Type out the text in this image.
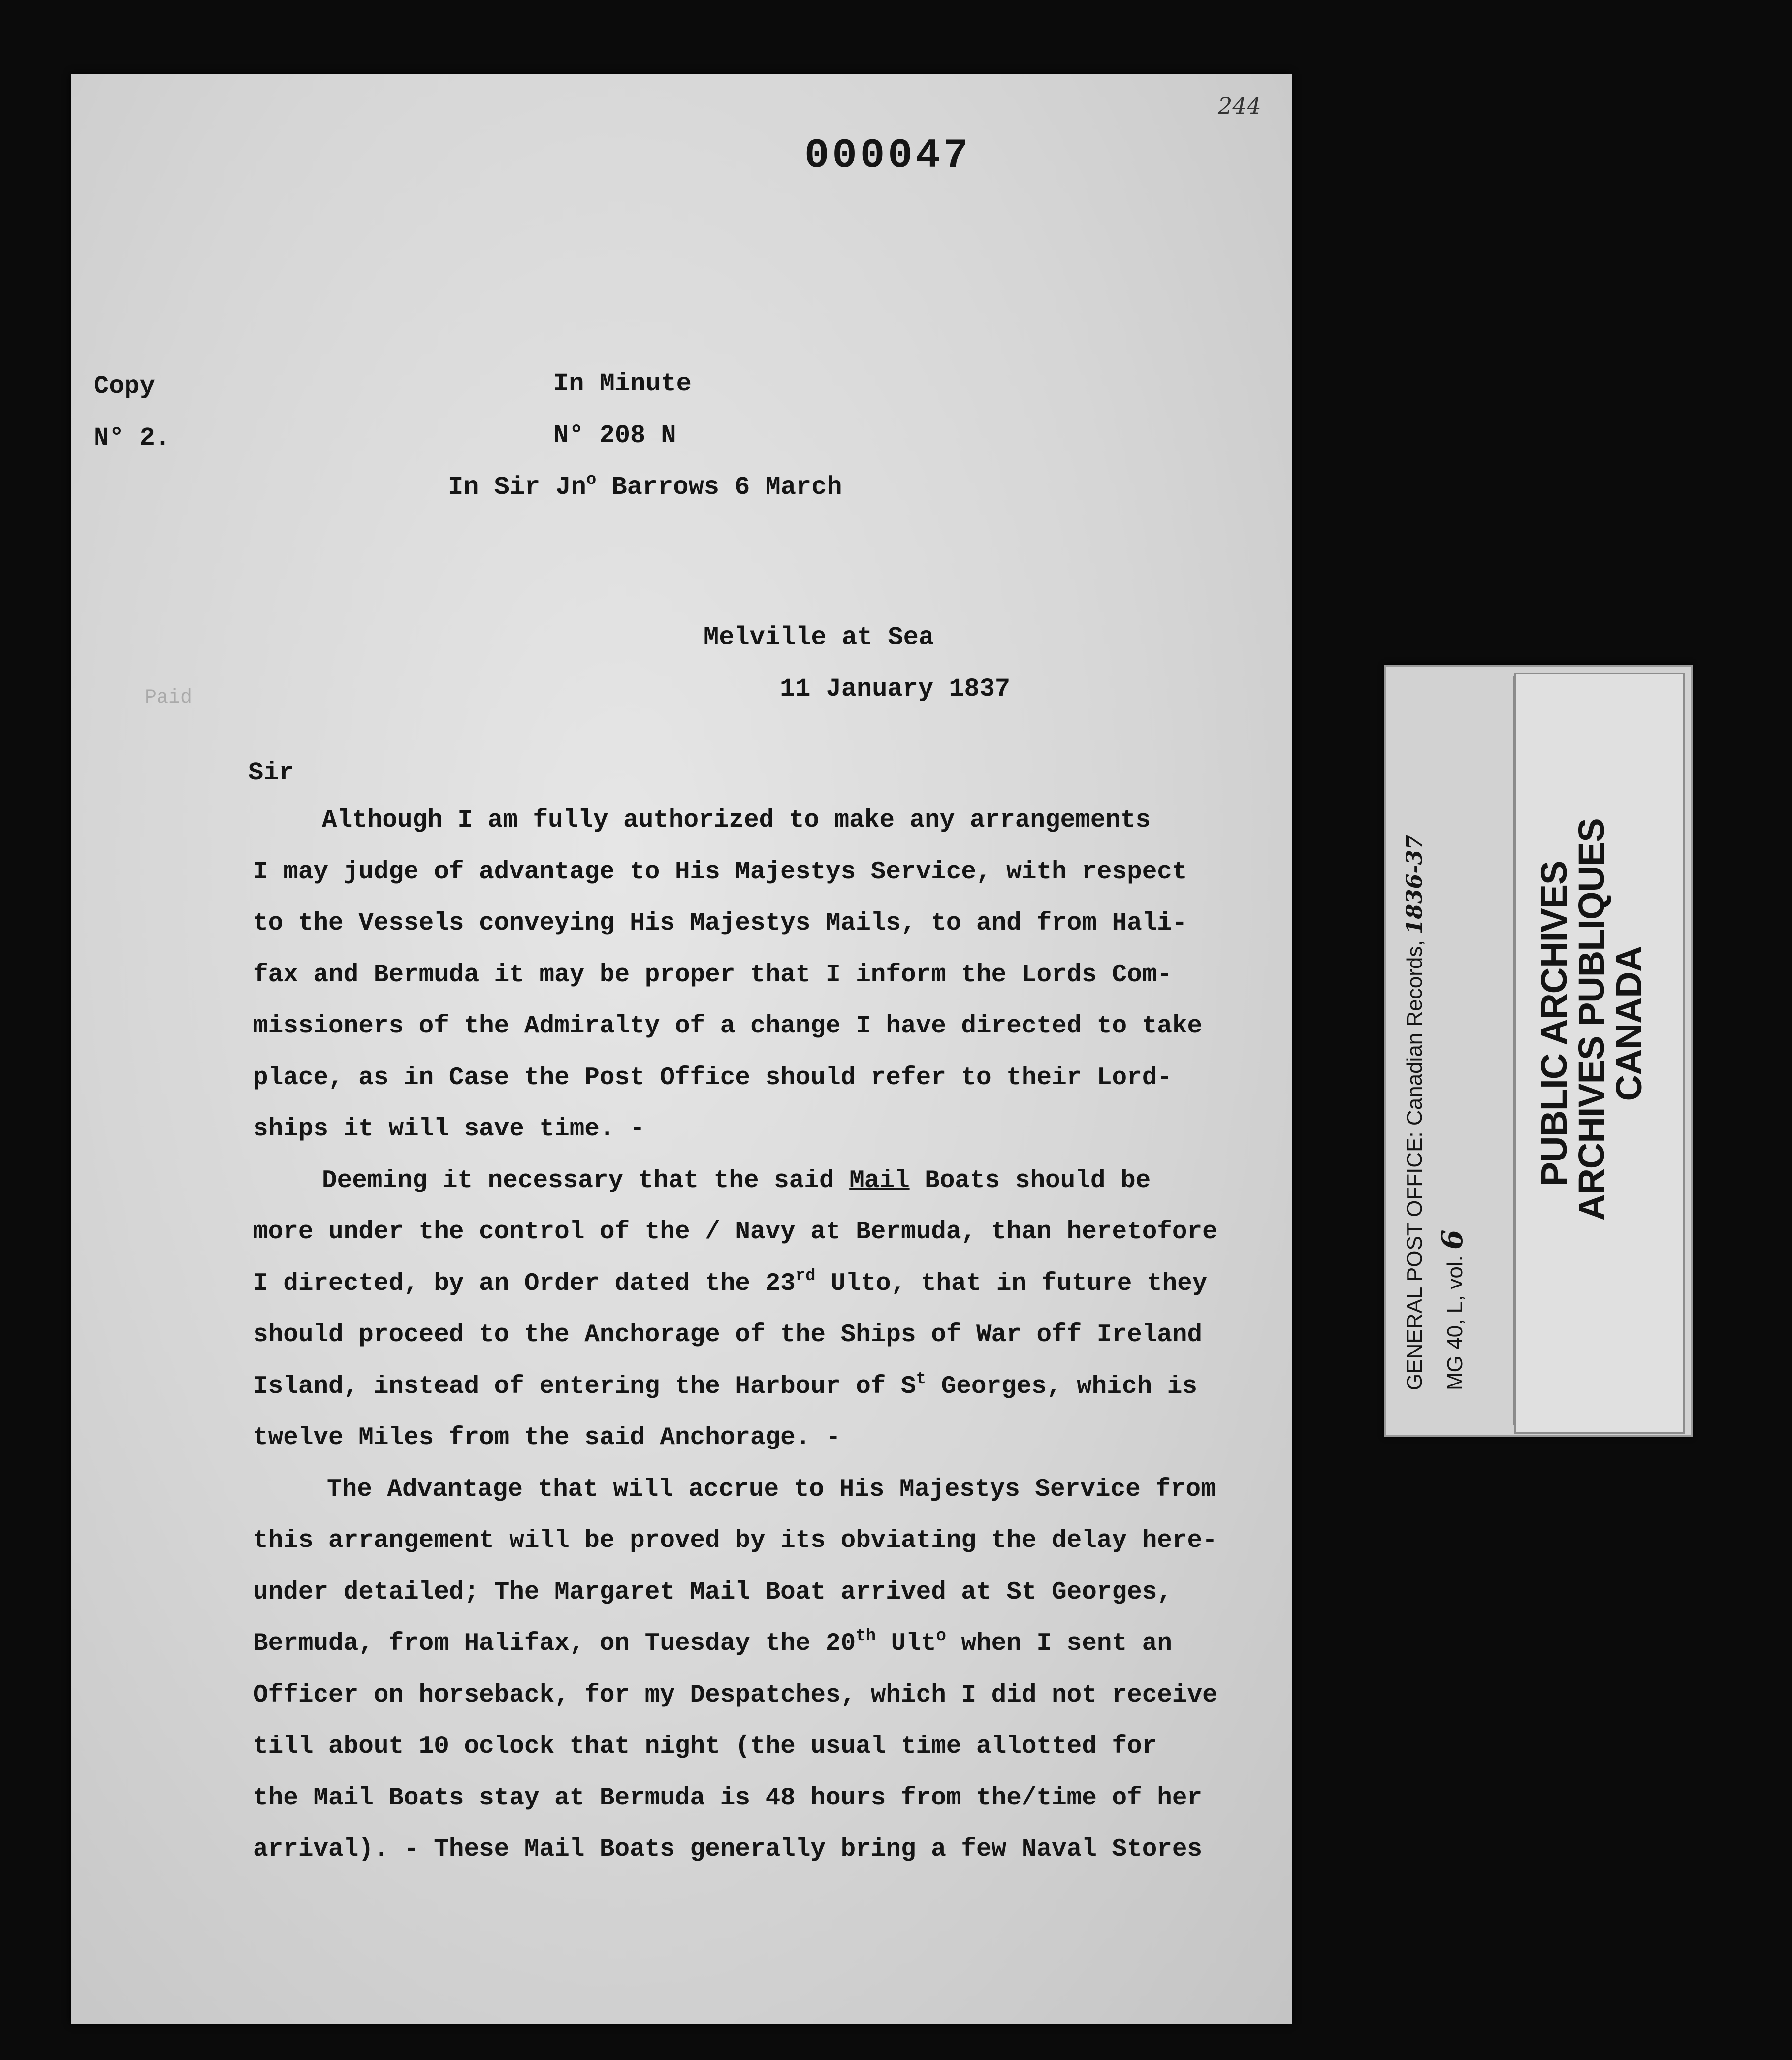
244
000047
Copy
N° 2.
In Minute
N° 208 N
In Sir Jn$^o$ Barrows 6 March
Paid
Melville at Sea
11 January 1837
Sir
Although I am fully authorized to make any arrangements
I may judge of advantage to His Majestys Service, with respect
to the Vessels conveying His Majestys Mails, to and from Hali-
fax and Bermuda it may be proper that I inform the Lords Com-
missioners of the Admiralty of a change I have directed to take
place, as in Case the Post Office should refer to their Lord-
ships it will save time. -
Deeming it necessary that the said Mail Boats should be
more under the control of the / Navy at Bermuda, than heretofore
I directed, by an Order dated the 23rd Ulto, that in future they
should proceed to the Anchorage of the Ships of War off Ireland
Island, instead of entering the Harbour of $S^t$ Georges, which is
twelve Miles from the said Anchorage. -
The Advantage that will accrue to His Majestys Service from
this arrangement will be proved by its obviating the delay here-
under detailed; The Margaret Mail Boat arrived at St Georges,
Bermuda, from Halifax, on Tuesday the 20th Ult$^o$ when I sent an
Officer on horseback, for my Despatches, which I did not receive
till about 10 oclock that night (the usual time allotted for
the Mail Boats stay at Bermuda is 48 hours from the/time of her
arrival). - These Mail Boats generally bring a few Naval Stores
GENERAL POST OFFICE: Canadian Records, 1836-37
MG 40, L, vol. 6
PUBLIC ARCHIVES
ARCHIVES PUBLIQUES
CANADA
